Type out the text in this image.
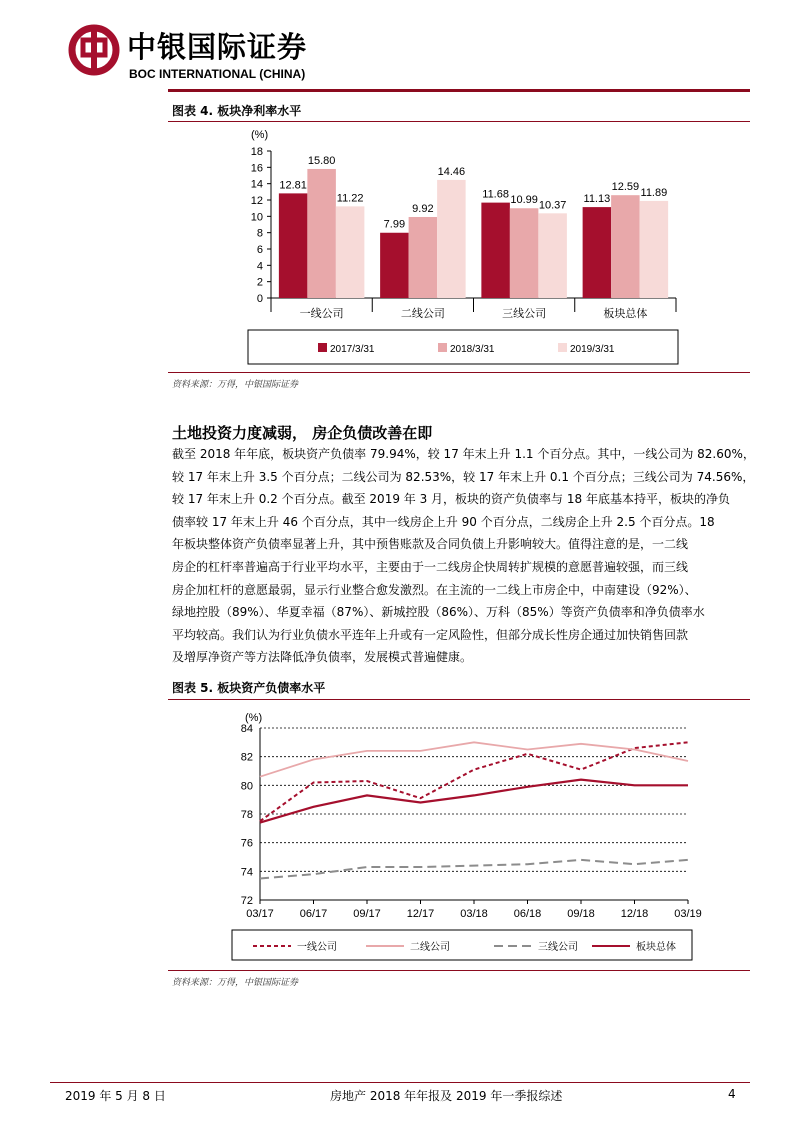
中银国际证券
BOC INTERNATIONAL (CHINA)
图表 4. 板块净利率水平
(%)
0
2
4
6
8
10
12
14
16
18
一线公司
12.81
15.80
11.22
二线公司
7.99
9.92
14.46
三线公司
11.68 10.99 10.37
板块总体
11.13
12.59 11.89
2017/3/31	2018/3/31	2019/3/31
资料来源：万得，中银国际证券
土地投资力度减弱， 房企负债改善在即
截至 2018 年年底，板块资产负债率 79.94%，较 17 年末上升 1.1 个百分点。其中，一线公司为 82.60%，
较 17 年末上升 3.5 个百分点；二线公司为 82.53%，较 17 年末上升 0.1 个百分点；三线公司为 74.56%，
较 17 年末上升 0.2 个百分点。截至 2019 年 3 月，板块的资产负债率与 18 年底基本持平，板块的净负
债率较 17 年末上升 46 个百分点，其中一线房企上升 90 个百分点，二线房企上升 2.5 个百分点。18
年板块整体资产负债率显著上升，其中预售账款及合同负债上升影响较大。值得注意的是，一二线
房企的杠杆率普遍高于行业平均水平，主要由于一二线房企快周转扩规模的意愿普遍较强，而三线
房企加杠杆的意愿最弱，显示行业整合愈发激烈。在主流的一二线上市房企中，中南建设（92%）、
绿地控股（89%）、华夏幸福（87%）、新城控股（86%）、万科（85%）等资产负债率和净负债率水
平均较高。我们认为行业负债水平连年上升或有一定风险性，但部分成长性房企通过加快销售回款
及增厚净资产等方法降低净负债率，发展模式普遍健康。
图表 5. 板块资产负债率水平
(%)
72
74
76
78
80
82
84
03/17 06/17 09/17 12/17 03/18 06/18 09/18 12/18 03/19
一线公司	二线公司	三线公司	板块总体
资料来源：万得，中银国际证券
2019 年 5 月 8 日	房地产 2018 年年报及 2019 年一季报综述	4
